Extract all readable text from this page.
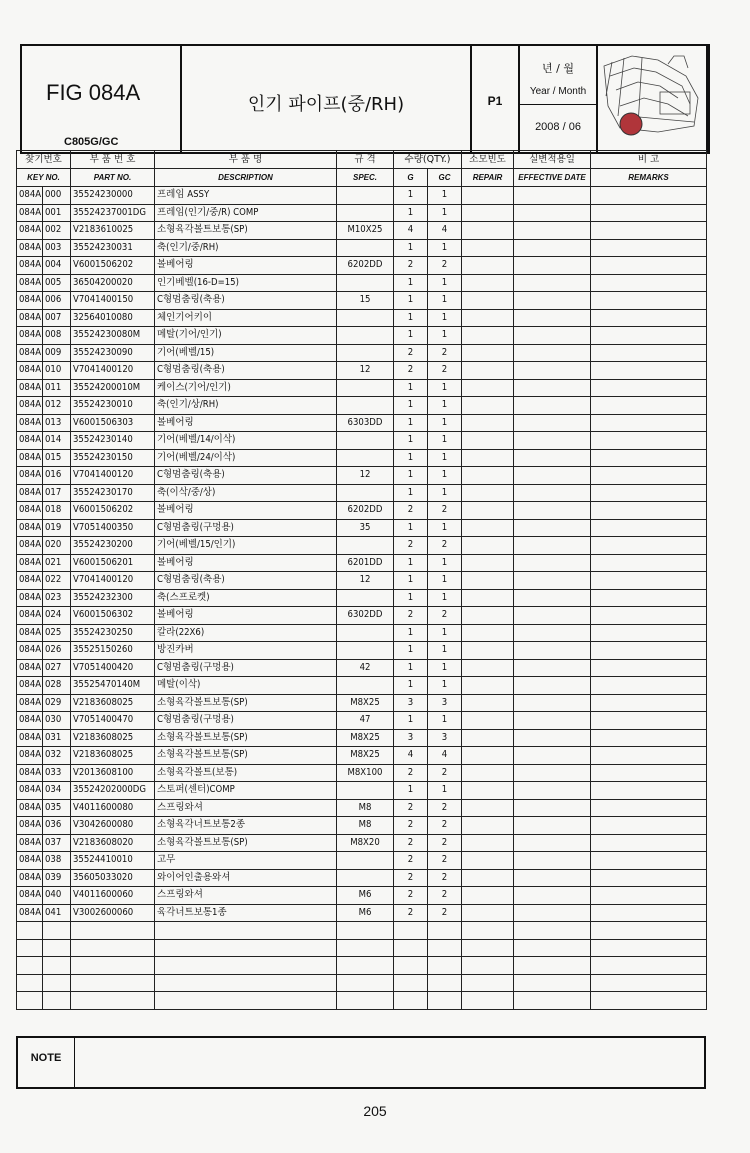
FIG 084A
C805G/GC
인기 파이프(중/RH)	P1
년 / 월
Year / Month
2008 / 06
찾기번호		부 품 번 호	부 품 명	규 격	수량(QTY.)		소모빈도	실변적용일	비 고
KEY NO.		PART NO.	DESCRIPTION	SPEC.	G	GC	REPAIR	EFFECTIVE DATE	REMARKS
084A	000	35524230000	프레임 ASSY		1	1			
084A	001	35524237001DG	프레임(인기/중/R) COMP		1	1			
084A	002	V2183610025	소형육각볼트보통(SP)	M10X25	4	4			
084A	003	35524230031	축(인기/중/RH)		1	1			
084A	004	V6001506202	볼베어링	6202DD	2	2			
084A	005	36504200020	인기베벨(16-D=15)		1	1			
084A	006	V7041400150	C형멈춤링(축용)	15	1	1			
084A	007	32564010080	체인기어키이		1	1			
084A	008	35524230080M	메탈(기어/인기)		1	1			
084A	009	35524230090	기어(베벨/15)		2	2			
084A	010	V7041400120	C형멈춤링(축용)	12	2	2			
084A	011	35524200010M	케이스(기어/인기)		1	1			
084A	012	35524230010	축(인기/상/RH)		1	1			
084A	013	V6001506303	볼베어링	6303DD	1	1			
084A	014	35524230140	기어(베벨/14/이삭)		1	1			
084A	015	35524230150	기어(베벨/24/이삭)		1	1			
084A	016	V7041400120	C형멈춤링(축용)	12	1	1			
084A	017	35524230170	축(이삭/중/상)		1	1			
084A	018	V6001506202	볼베어링	6202DD	2	2			
084A	019	V7051400350	C형멈춤링(구멍용)	35	1	1			
084A	020	35524230200	기어(베벨/15/인기)		2	2			
084A	021	V6001506201	볼베어링	6201DD	1	1			
084A	022	V7041400120	C형멈춤링(축용)	12	1	1			
084A	023	35524232300	축(스프로켓)		1	1			
084A	024	V6001506302	볼베어링	6302DD	2	2			
084A	025	35524230250	칼라(22X6)		1	1			
084A	026	35525150260	방진카버		1	1			
084A	027	V7051400420	C형멈춤링(구멍용)	42	1	1			
084A	028	35525470140M	메탈(이삭)		1	1			
084A	029	V2183608025	소형육각볼트보통(SP)	M8X25	3	3			
084A	030	V7051400470	C형멈춤링(구멍용)	47	1	1			
084A	031	V2183608025	소형육각볼트보통(SP)	M8X25	3	3			
084A	032	V2183608025	소형육각볼트보통(SP)	M8X25	4	4			
084A	033	V2013608100	소형육각볼트(보통)	M8X100	2	2			
084A	034	35524202000DG	스토퍼(센터)COMP		1	1			
084A	035	V4011600080	스프링와셔	M8	2	2			
084A	036	V3042600080	소형육각너트보통2종	M8	2	2			
084A	037	V2183608020	소형육각볼트보통(SP)	M8X20	2	2			
084A	038	35524410010	고무		2	2			
084A	039	35605033020	와이어인출용와셔		2	2			
084A	040	V4011600060	스프링와셔	M6	2	2			
084A	041	V3002600060	육각너트보통1종	M6	2	2			

NOTE
205
